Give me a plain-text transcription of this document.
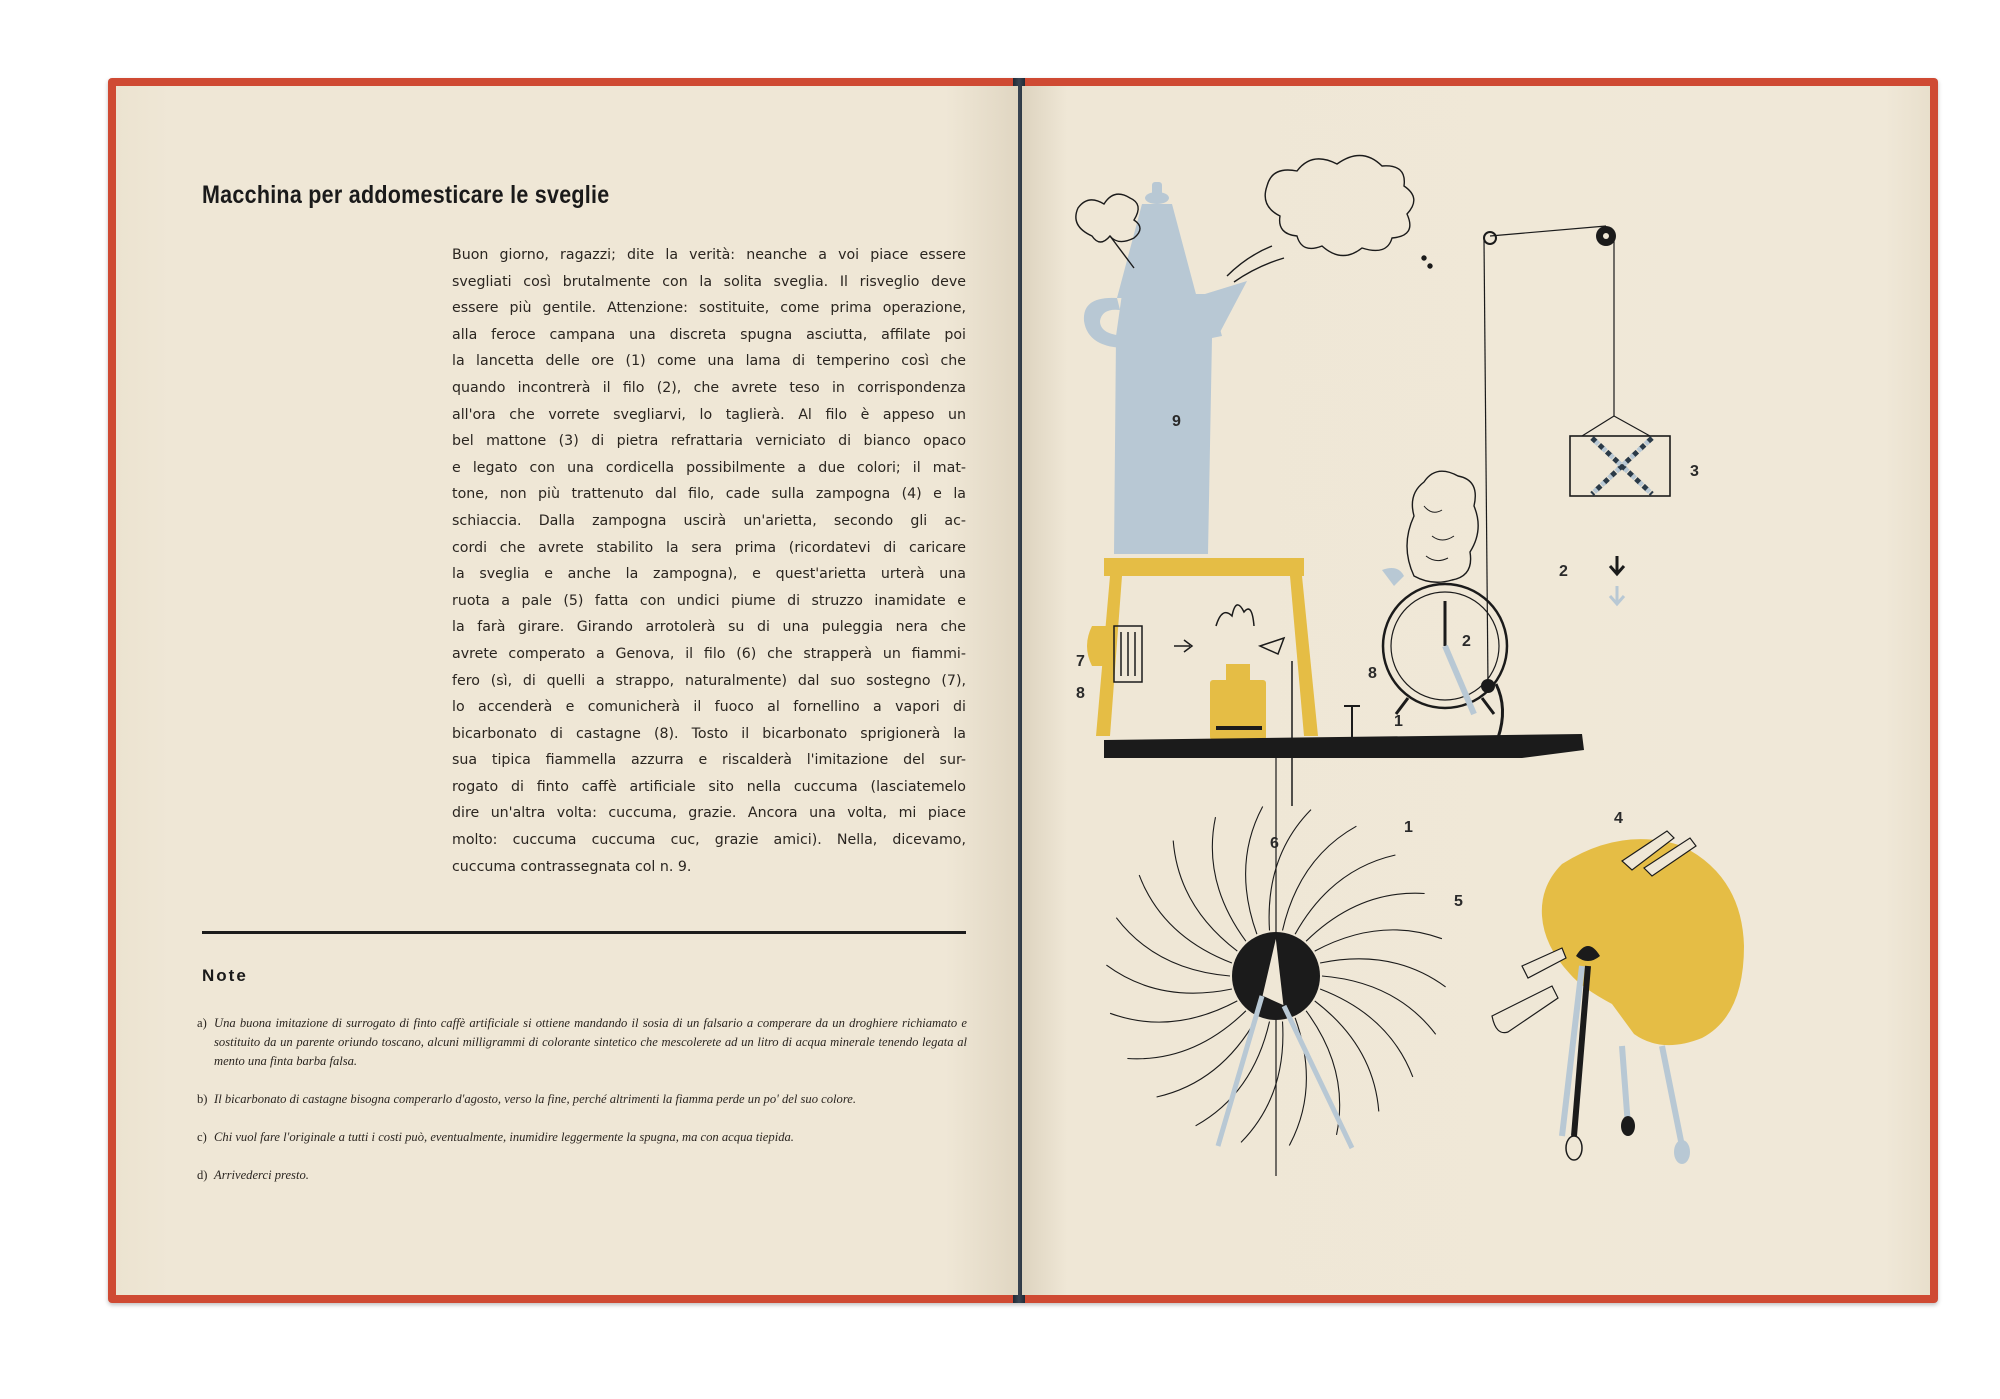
Macchina per addomesticare le sveglie
Buon giorno, ragazzi; dite la verità: neanche a voi piace essere
svegliati così brutalmente con la solita sveglia. Il risveglio deve
essere più gentile. Attenzione: sostituite, come prima operazione,
alla feroce campana una discreta spugna asciutta, affilate poi
la lancetta delle ore (1) come una lama di temperino così che
quando incontrerà il filo (2), che avrete teso in corrispondenza
all'ora che vorrete svegliarvi, lo taglierà. Al filo è appeso un
bel mattone (3) di pietra refrattaria verniciato di bianco opaco
e legato con una cordicella possibilmente a due colori; il mat-
tone, non più trattenuto dal filo, cade sulla zampogna (4) e la
schiaccia. Dalla zampogna uscirà un'arietta, secondo gli ac-
cordi che avrete stabilito la sera prima (ricordatevi di caricare
la sveglia e anche la zampogna), e quest'arietta urterà una
ruota a pale (5) fatta con undici piume di struzzo inamidate e
la farà girare. Girando arrotolerà su di una puleggia nera che
avrete comperato a Genova, il filo (6) che strapperà un fiammi-
fero (sì, di quelli a strappo, naturalmente) dal suo sostegno (7),
lo accenderà e comunicherà il fuoco al fornellino a vapori di
bicarbonato di castagne (8). Tosto il bicarbonato sprigionerà la
sua tipica fiammella azzurra e riscalderà l'imitazione del sur-
rogato di finto caffè artificiale sito nella cuccuma (lasciatemelo
dire un'altra volta: cuccuma, grazie. Ancora una volta, mi piace
molto: cuccuma cuccuma cuc, grazie amici). Nella, dicevamo,
cuccuma contrassegnata col n. 9.
Note

a) Una buona imitazione di surrogato di finto caffè artificiale si ottiene mandando il sosia di un falsario a comperare da un droghiere richiamato e sostituito da un parente oriundo toscano, alcuni milligrammi di colorante sintetico che mescolerete ad un litro di acqua minerale tenendo legata al mento una finta barba falsa.

b) Il bicarbonato di castagne bisogna comperarlo d'agosto, verso la fine, perché altrimenti la fiamma perde un po' del suo colore.

c) Chi vuol fare l'originale a tutti i costi può, eventualmente, inumidire leggermente la spugna, ma con acqua tiepida.

d) Arrivederci presto.

1
1
2
2
3
4
5
6
7
8
8
9
